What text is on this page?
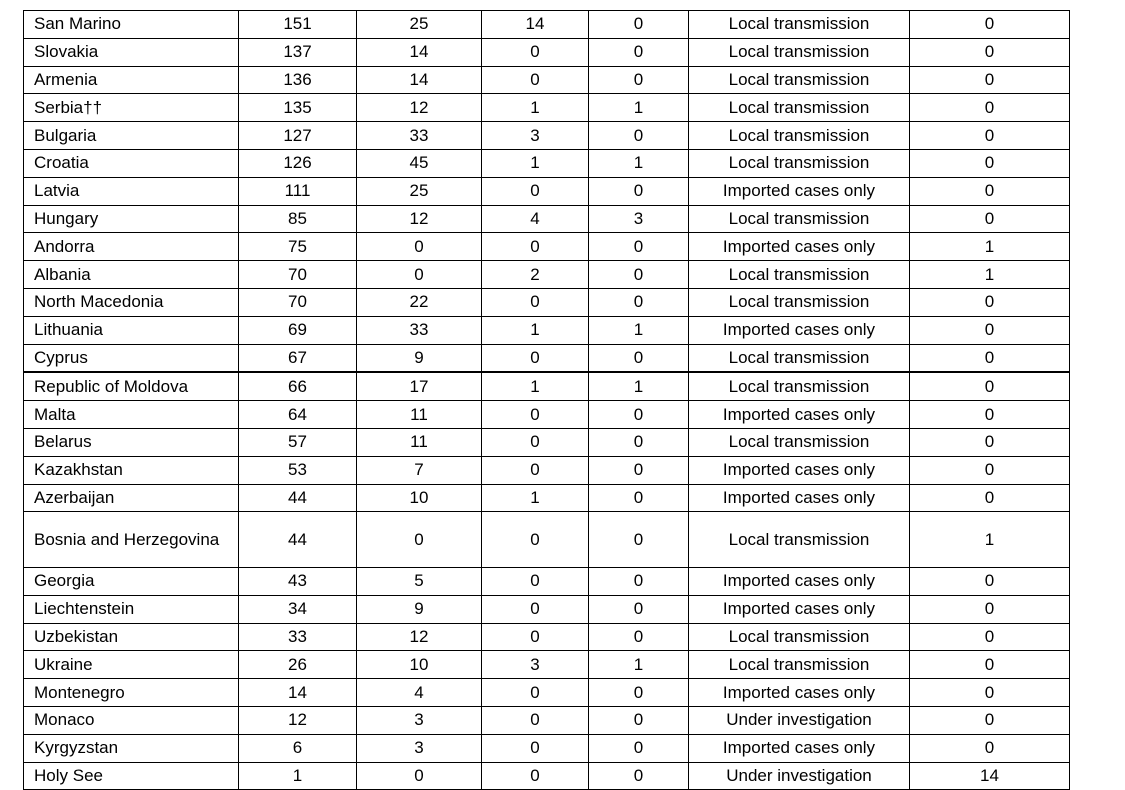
San Marino	151	25	14	0	Local transmission	0
Slovakia	137	14	0	0	Local transmission	0
Armenia	136	14	0	0	Local transmission	0
Serbia††	135	12	1	1	Local transmission	0
Bulgaria	127	33	3	0	Local transmission	0
Croatia	126	45	1	1	Local transmission	0
Latvia	111	25	0	0	Imported cases only	0
Hungary	85	12	4	3	Local transmission	0
Andorra	75	0	0	0	Imported cases only	1
Albania	70	0	2	0	Local transmission	1
North Macedonia	70	22	0	0	Local transmission	0
Lithuania	69	33	1	1	Imported cases only	0
Cyprus	67	9	0	0	Local transmission	0
Republic of Moldova	66	17	1	1	Local transmission	0
Malta	64	11	0	0	Imported cases only	0
Belarus	57	11	0	0	Local transmission	0
Kazakhstan	53	7	0	0	Imported cases only	0
Azerbaijan	44	10	1	0	Imported cases only	0
Bosnia and Herzegovina	44	0	0	0	Local transmission	1
Georgia	43	5	0	0	Imported cases only	0
Liechtenstein	34	9	0	0	Imported cases only	0
Uzbekistan	33	12	0	0	Local transmission	0
Ukraine	26	10	3	1	Local transmission	0
Montenegro	14	4	0	0	Imported cases only	0
Monaco	12	3	0	0	Under investigation	0
Kyrgyzstan	6	3	0	0	Imported cases only	0
Holy See	1	0	0	0	Under investigation	14
